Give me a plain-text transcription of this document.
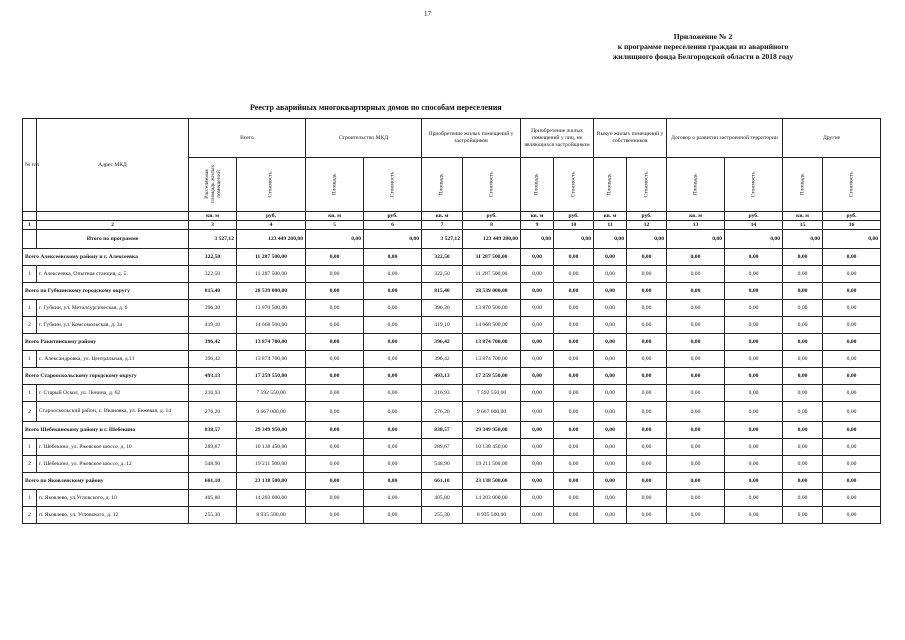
17
Приложение № 2
к программе переселения граждан из аварийного
жилищного фонда Белгородской области в 2018 году
Реестр аварийных многоквартирных домов по способам переселения
№ п/п	Адрес МКД	Всего		Строительство МКД		Приобретение жилых помещений у застройщиков		Приобретение жилых помещений у лиц, не являющихся застройщиком		Выкуп жилых помещений у собственников		Договор о развитии застроенной территории		Другие	
		Расселяемая площадь жилых помещений	Стоимость	Площадь	Стоимость	Площадь	Стоимость	Площадь	Стоимость	Площадь	Стоимость	Площадь	Стоимость	Площадь	Стоимость
		кв. м	руб.	кв. м	руб.	кв. м	руб.	кв. м	руб.	кв. м	руб.	кв. м	руб.	кв. м	руб.
1	2	3	4	5	6	7	8	9	10	11	12	13	14	15	16
	Итого по программе	3 527,12	123 449 200,00	0,00	0,00	3 527,12	123 449 200,00	0,00	0,00	0,00	0,00	0,00	0,00	0,00	0,00
Всего Алексеевскому району и г. Алексеевка		322,50	11 287 500,00	0,00	0,00	322,50	11 287 500,00	0,00	0,00	0,00	0,00	0,00	0,00	0,00	0,00
1	г. Алексеевка, Опытная станция, д. 5	322,50	11 287 500,00	0,00	0,00	322,50	11 287 500,00	0,00	0,00	0,00	0,00	0,00	0,00	0,00	0,00
Всего по Губкинскому городскому округу		815,40	28 539 000,00	0,00	0,00	815,40	28 539 000,00	0,00	0,00	0,00	0,00	0,00	0,00	0,00	0,00
1	г. Губкин, ул. Металлургическая, д. 6	396,30	13 870 500,00	0,00	0,00	396,30	13 870 500,00	0,00	0,00	0,00	0,00	0,00	0,00	0,00	0,00
2	г. Губкин, ул. Комсомольская, д. 3а	419,10	14 668 500,00	0,00	0,00	419,10	14 668 500,00	0,00	0,00	0,00	0,00	0,00	0,00	0,00	0,00
Всего Ракитянскому району		396,42	13 874 700,00	0,00	0,00	396,42	13 874 700,00	0,00	0,00	0,00	0,00	0,00	0,00	0,00	0,00
1	с. Александровка, ул. Центральная, д.11	396,42	13 874 700,00	0,00	0,00	396,42	13 874 700,00	0,00	0,00	0,00	0,00	0,00	0,00	0,00	0,00
Всего Старооскольскому городскому округу		493,13	17 259 550,00	0,00	0,00	493,13	17 259 550,00	0,00	0,00	0,00	0,00	0,00	0,00	0,00	0,00
1	г. Старый Оскол, ул. Ленина, д. 62	216,93	7 592 550,00	0,00	0,00	216,93	7 592 550,00	0,00	0,00	0,00	0,00	0,00	0,00	0,00	0,00
2	Старооскольский район, с. Ивановка, ул. Бежевая, д. 14	276,20	9 667 000,00	0,00	0,00	276,20	9 667 000,00	0,00	0,00	0,00	0,00	0,00	0,00	0,00	0,00
Всего Шебекинскому району и г. Шебекино		838,57	29 349 950,00	0,00	0,00	838,57	29 349 950,00	0,00	0,00	0,00	0,00	0,00	0,00	0,00	0,00
1	г. Шебекино, ул. Ржевское шоссе, д. 10	289,67	10 138 450,00	0,00	0,00	289,67	10 138 450,00	0,00	0,00	0,00	0,00	0,00	0,00	0,00	0,00
2	г. Шебекино, ул. Ржевское шоссе, д. 12	548,90	19 211 500,00	0,00	0,00	548,90	19 211 500,00	0,00	0,00	0,00	0,00	0,00	0,00	0,00	0,00
Всего по Яковлевскому району		661,10	23 138 500,00	0,00	0,00	661,10	23 138 500,00	0,00	0,00	0,00	0,00	0,00	0,00	0,00	0,00
1	п. Яковлево, ул.Угловского, д. 10	405,80	14 203 000,00	0,00	0,00	405,80	14 203 000,00	0,00	0,00	0,00	0,00	0,00	0,00	0,00	0,00
2	п. Яковлево, ул. Угловского, д. 12	255,30	8 935 500,00	0,00	0,00	255,30	8 935 500,00	0,00	0,00	0,00	0,00	0,00	0,00	0,00	0,00
